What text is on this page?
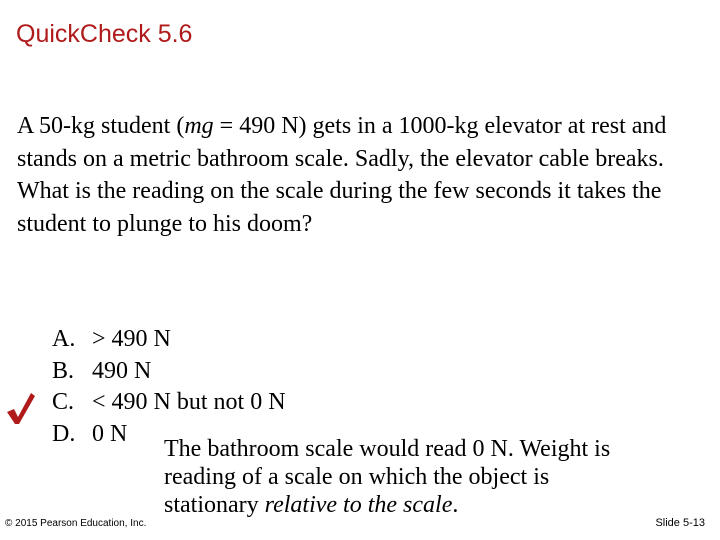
QuickCheck 5.6

A 50-kg student (mg = 490 N) gets in a 1000-kg elevator at rest and stands on a metric bathroom scale. Sadly, the elevator cable breaks. What is the reading on the scale during the few seconds it takes the student to plunge to his doom?

A. > 490 N
B. 490 N
C. < 490 N but not 0 N
D. 0 N
The bathroom scale would read 0 N. Weight is reading of a scale on which the object is stationary relative to the scale.
© 2015 Pearson Education, Inc.	Slide 5-13
